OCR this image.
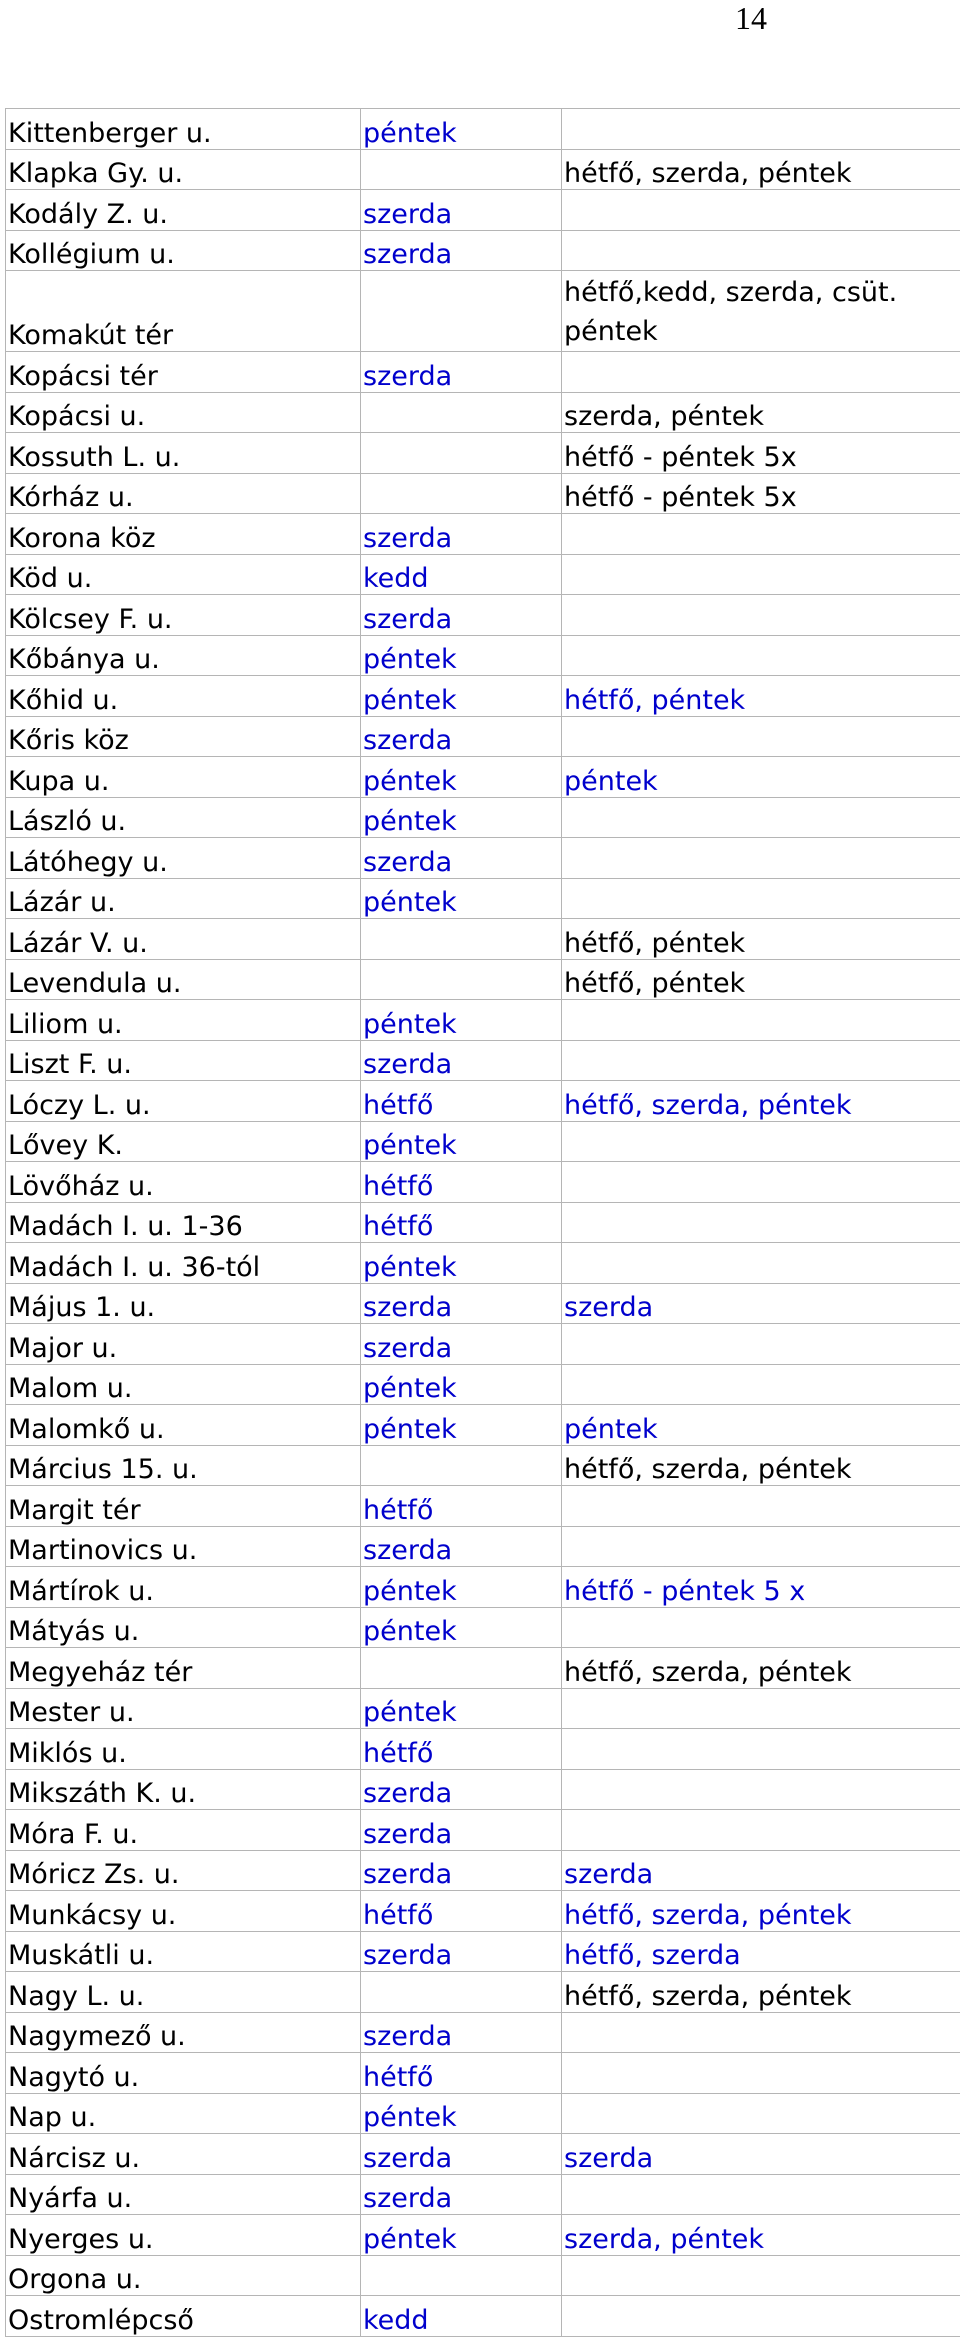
14
Kittenberger u.	péntek	
Klapka Gy. u.		hétfő, szerda, péntek
Kodály Z. u.	szerda	
Kollégium u.	szerda	
Komakút tér		hétfő,kedd, szerda, csüt. péntek
Kopácsi tér	szerda	
Kopácsi u.		szerda, péntek
Kossuth L. u.		hétfő - péntek 5x
Kórház u.		hétfő - péntek 5x
Korona köz	szerda	
Köd u.	kedd	
Kölcsey F. u.	szerda	
Kőbánya u.	péntek	
Kőhid u.	péntek	hétfő, péntek
Kőris köz	szerda	
Kupa u.	péntek	péntek
László u.	péntek	
Látóhegy u.	szerda	
Lázár u.	péntek	
Lázár V. u.		hétfő, péntek
Levendula u.		hétfő, péntek
Liliom u.	péntek	
Liszt F. u.	szerda	
Lóczy L. u.	hétfő	hétfő, szerda, péntek
Lővey K.	péntek	
Lövőház u.	hétfő	
Madách I. u. 1-36	hétfő	
Madách I. u. 36-tól	péntek	
Május 1. u.	szerda	szerda
Major u.	szerda	
Malom u.	péntek	
Malomkő u.	péntek	péntek
Március 15. u.		hétfő, szerda, péntek
Margit tér	hétfő	
Martinovics u.	szerda	
Mártírok u.	péntek	hétfő - péntek 5 x
Mátyás u.	péntek	
Megyeház tér		hétfő, szerda, péntek
Mester u.	péntek	
Miklós u.	hétfő	
Mikszáth K. u.	szerda	
Móra F. u.	szerda	
Móricz Zs. u.	szerda	szerda
Munkácsy u.	hétfő	hétfő, szerda, péntek
Muskátli u.	szerda	hétfő, szerda
Nagy L. u.		hétfő, szerda, péntek
Nagymező u.	szerda	
Nagytó u.	hétfő	
Nap u.	péntek	
Nárcisz u.	szerda	szerda
Nyárfa u.	szerda	
Nyerges u.	péntek	szerda, péntek
Orgona u.		
Ostromlépcső	kedd	
